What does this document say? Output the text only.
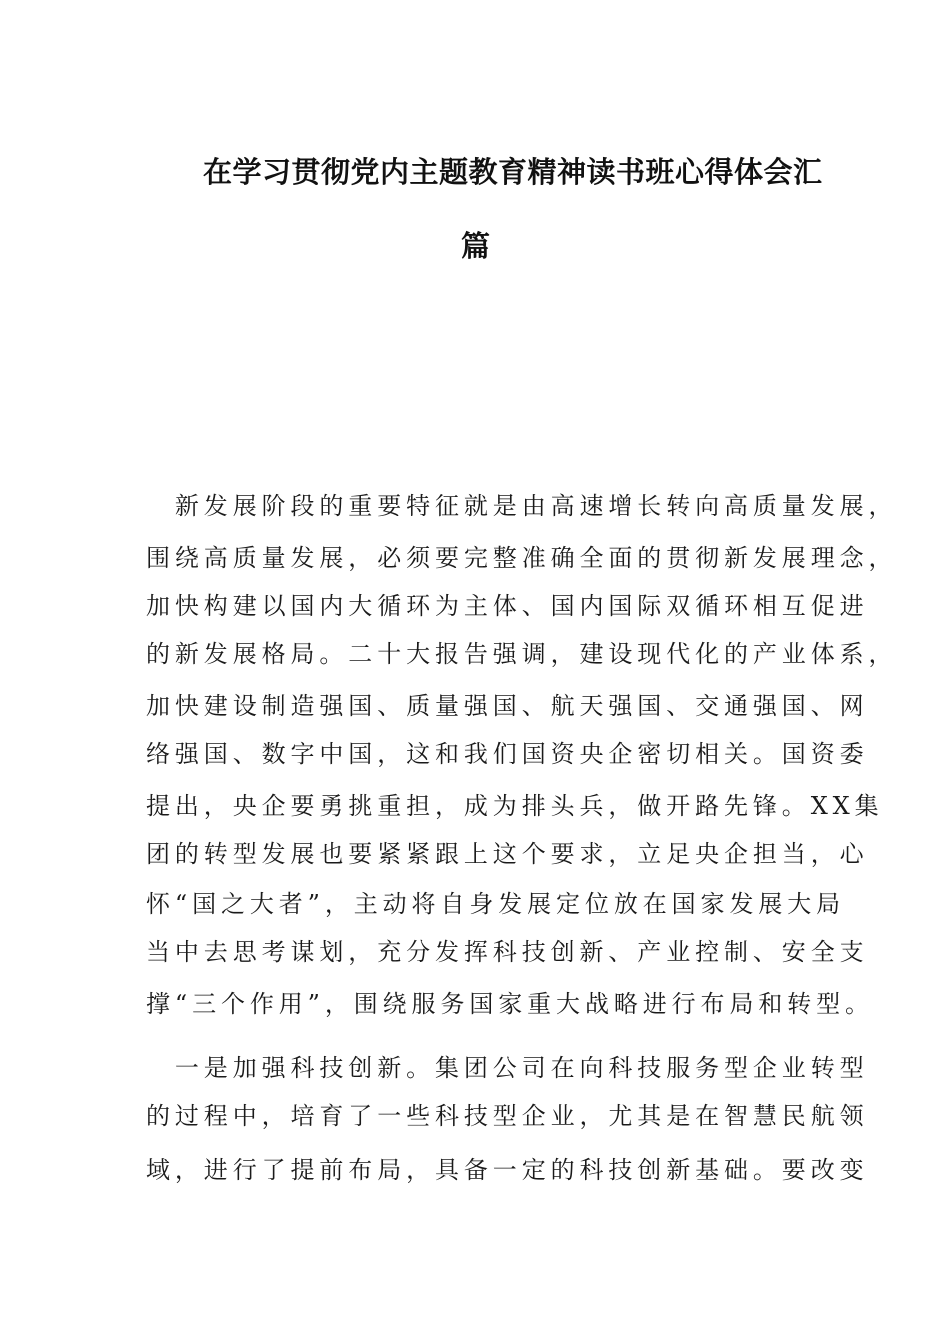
在学习贯彻党内主题教育精神读书班心得体会汇
篇
　新发展阶段的重要特征就是由高速增长转向高质量发展，
围绕高质量发展，必须要完整准确全面的贯彻新发展理念，
加快构建以国内大循环为主体、国内国际双循环相互促进
的新发展格局。二十大报告强调，建设现代化的产业体系，
加快建设制造强国、质量强国、航天强国、交通强国、网
络强国、数字中国，这和我们国资央企密切相关。国资委
提出，央企要勇挑重担，成为排头兵，做开路先锋。XX集
团的转型发展也要紧紧跟上这个要求，立足央企担当，心
怀“国之大者”，主动将自身发展定位放在国家发展大局
当中去思考谋划，充分发挥科技创新、产业控制、安全支
撑“三个作用”，围绕服务国家重大战略进行布局和转型。
　一是加强科技创新。集团公司在向科技服务型企业转型
的过程中，培育了一些科技型企业，尤其是在智慧民航领
域，进行了提前布局，具备一定的科技创新基础。要改变
